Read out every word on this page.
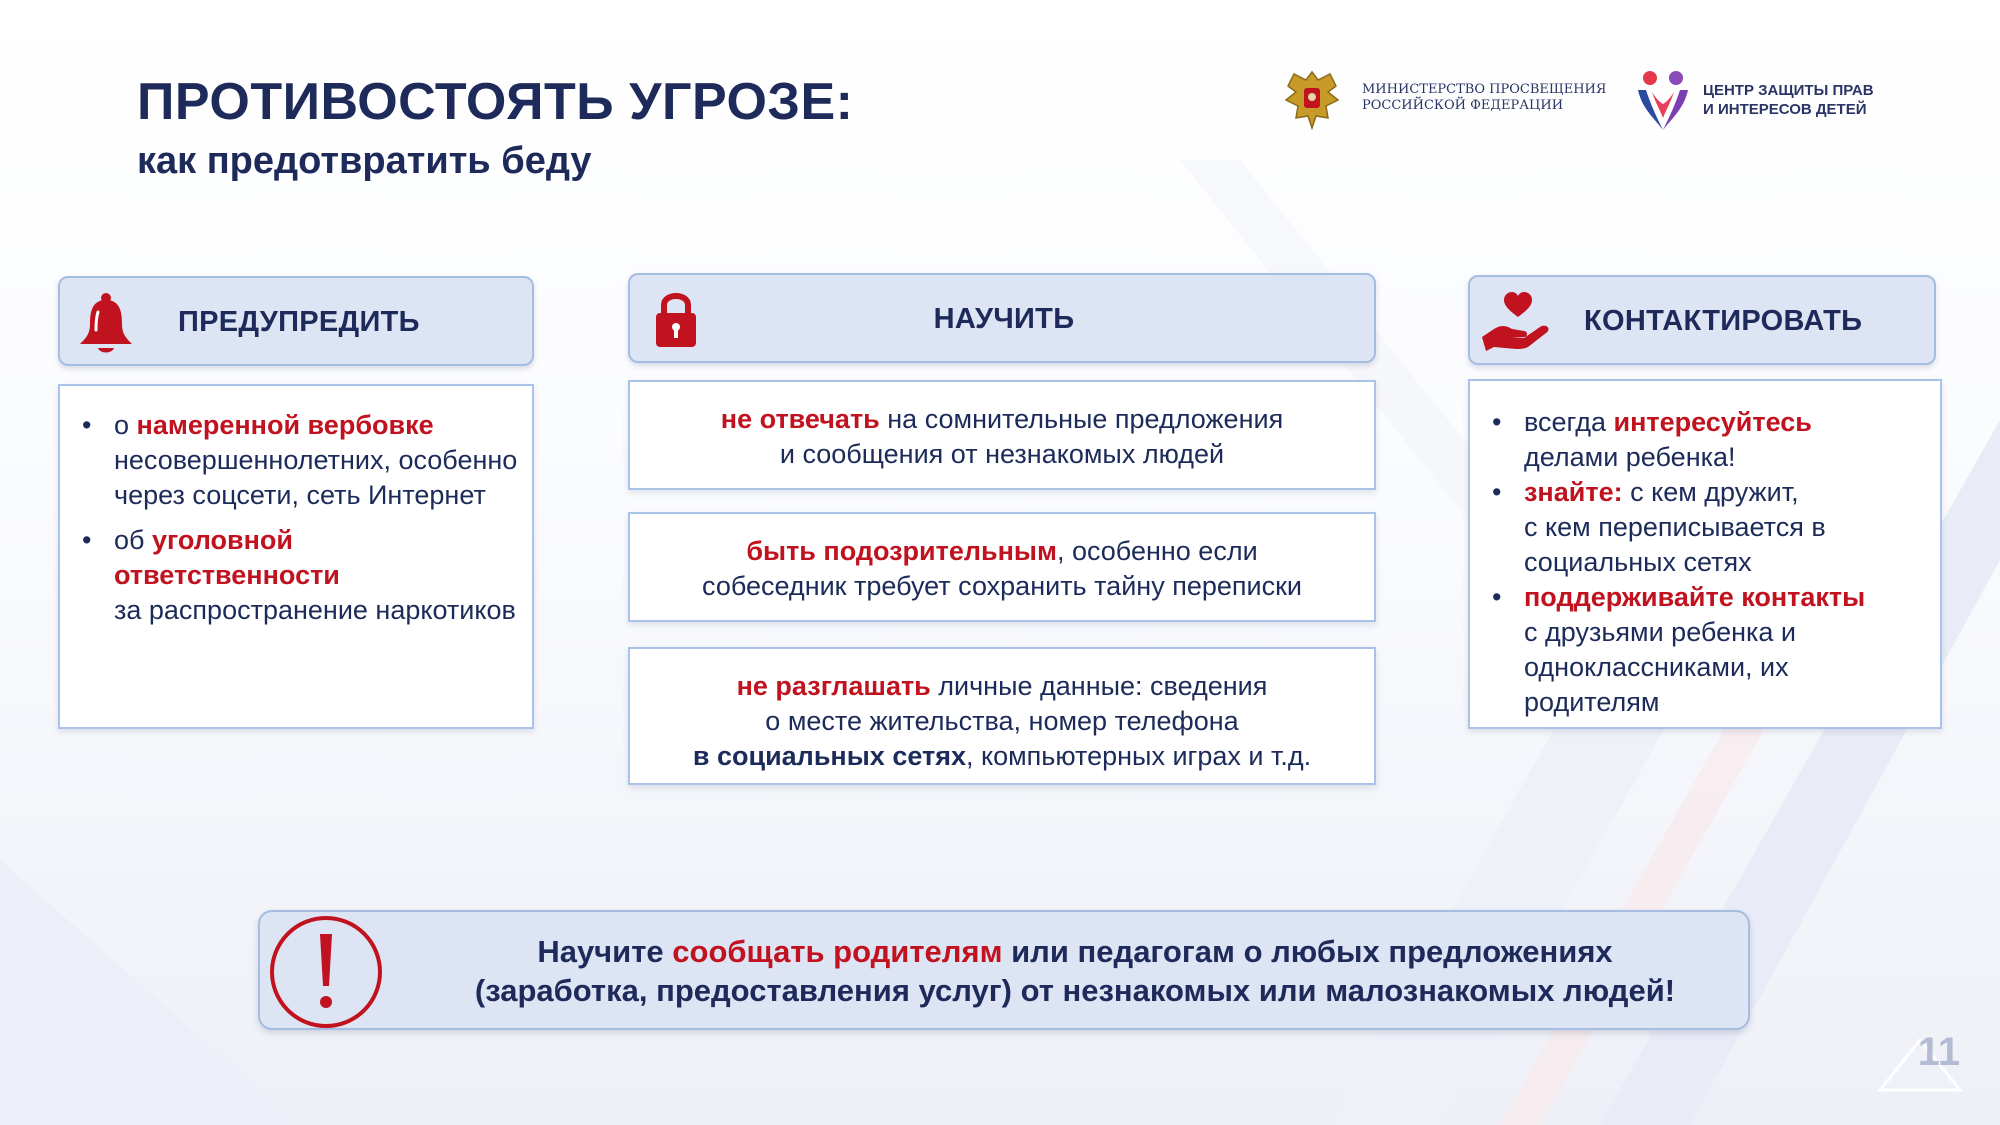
ПРОТИВОСТОЯТЬ УГРОЗЕ:
как предотвратить беду
МИНИСТЕРСТВО ПРОСВЕЩЕНИЯ
РОССИЙСКОЙ ФЕДЕРАЦИИ
ЦЕНТР ЗАЩИТЫ ПРАВ
И ИНТЕРЕСОВ ДЕТЕЙ
ПРЕДУПРЕДИТЬ
• о намеренной вербовке
несовершеннолетних, особенно через соцсети, сеть Интернет
• об уголовной ответственности
за распространение наркотиков
НАУЧИТЬ
не отвечать на сомнительные предложения
и сообщения от незнакомых людей
быть подозрительным, особенно если
собеседник требует сохранить тайну переписки
не разглашать личные данные: сведения
о месте жительства, номер телефона
в социальных сетях, компьютерных играх и т.д.
КОНТАКТИРОВАТЬ
• всегда интересуйтесь
делами ребенка!
• знайте: с кем дружит,
с кем переписывается в социальных сетях
• поддерживайте контакты
с друзьями ребенка и одноклассниками, их родителям
Научите сообщать родителям или педагогам о любых предложениях
(заработка, предоставления услуг) от незнакомых или малознакомых людей!
11
